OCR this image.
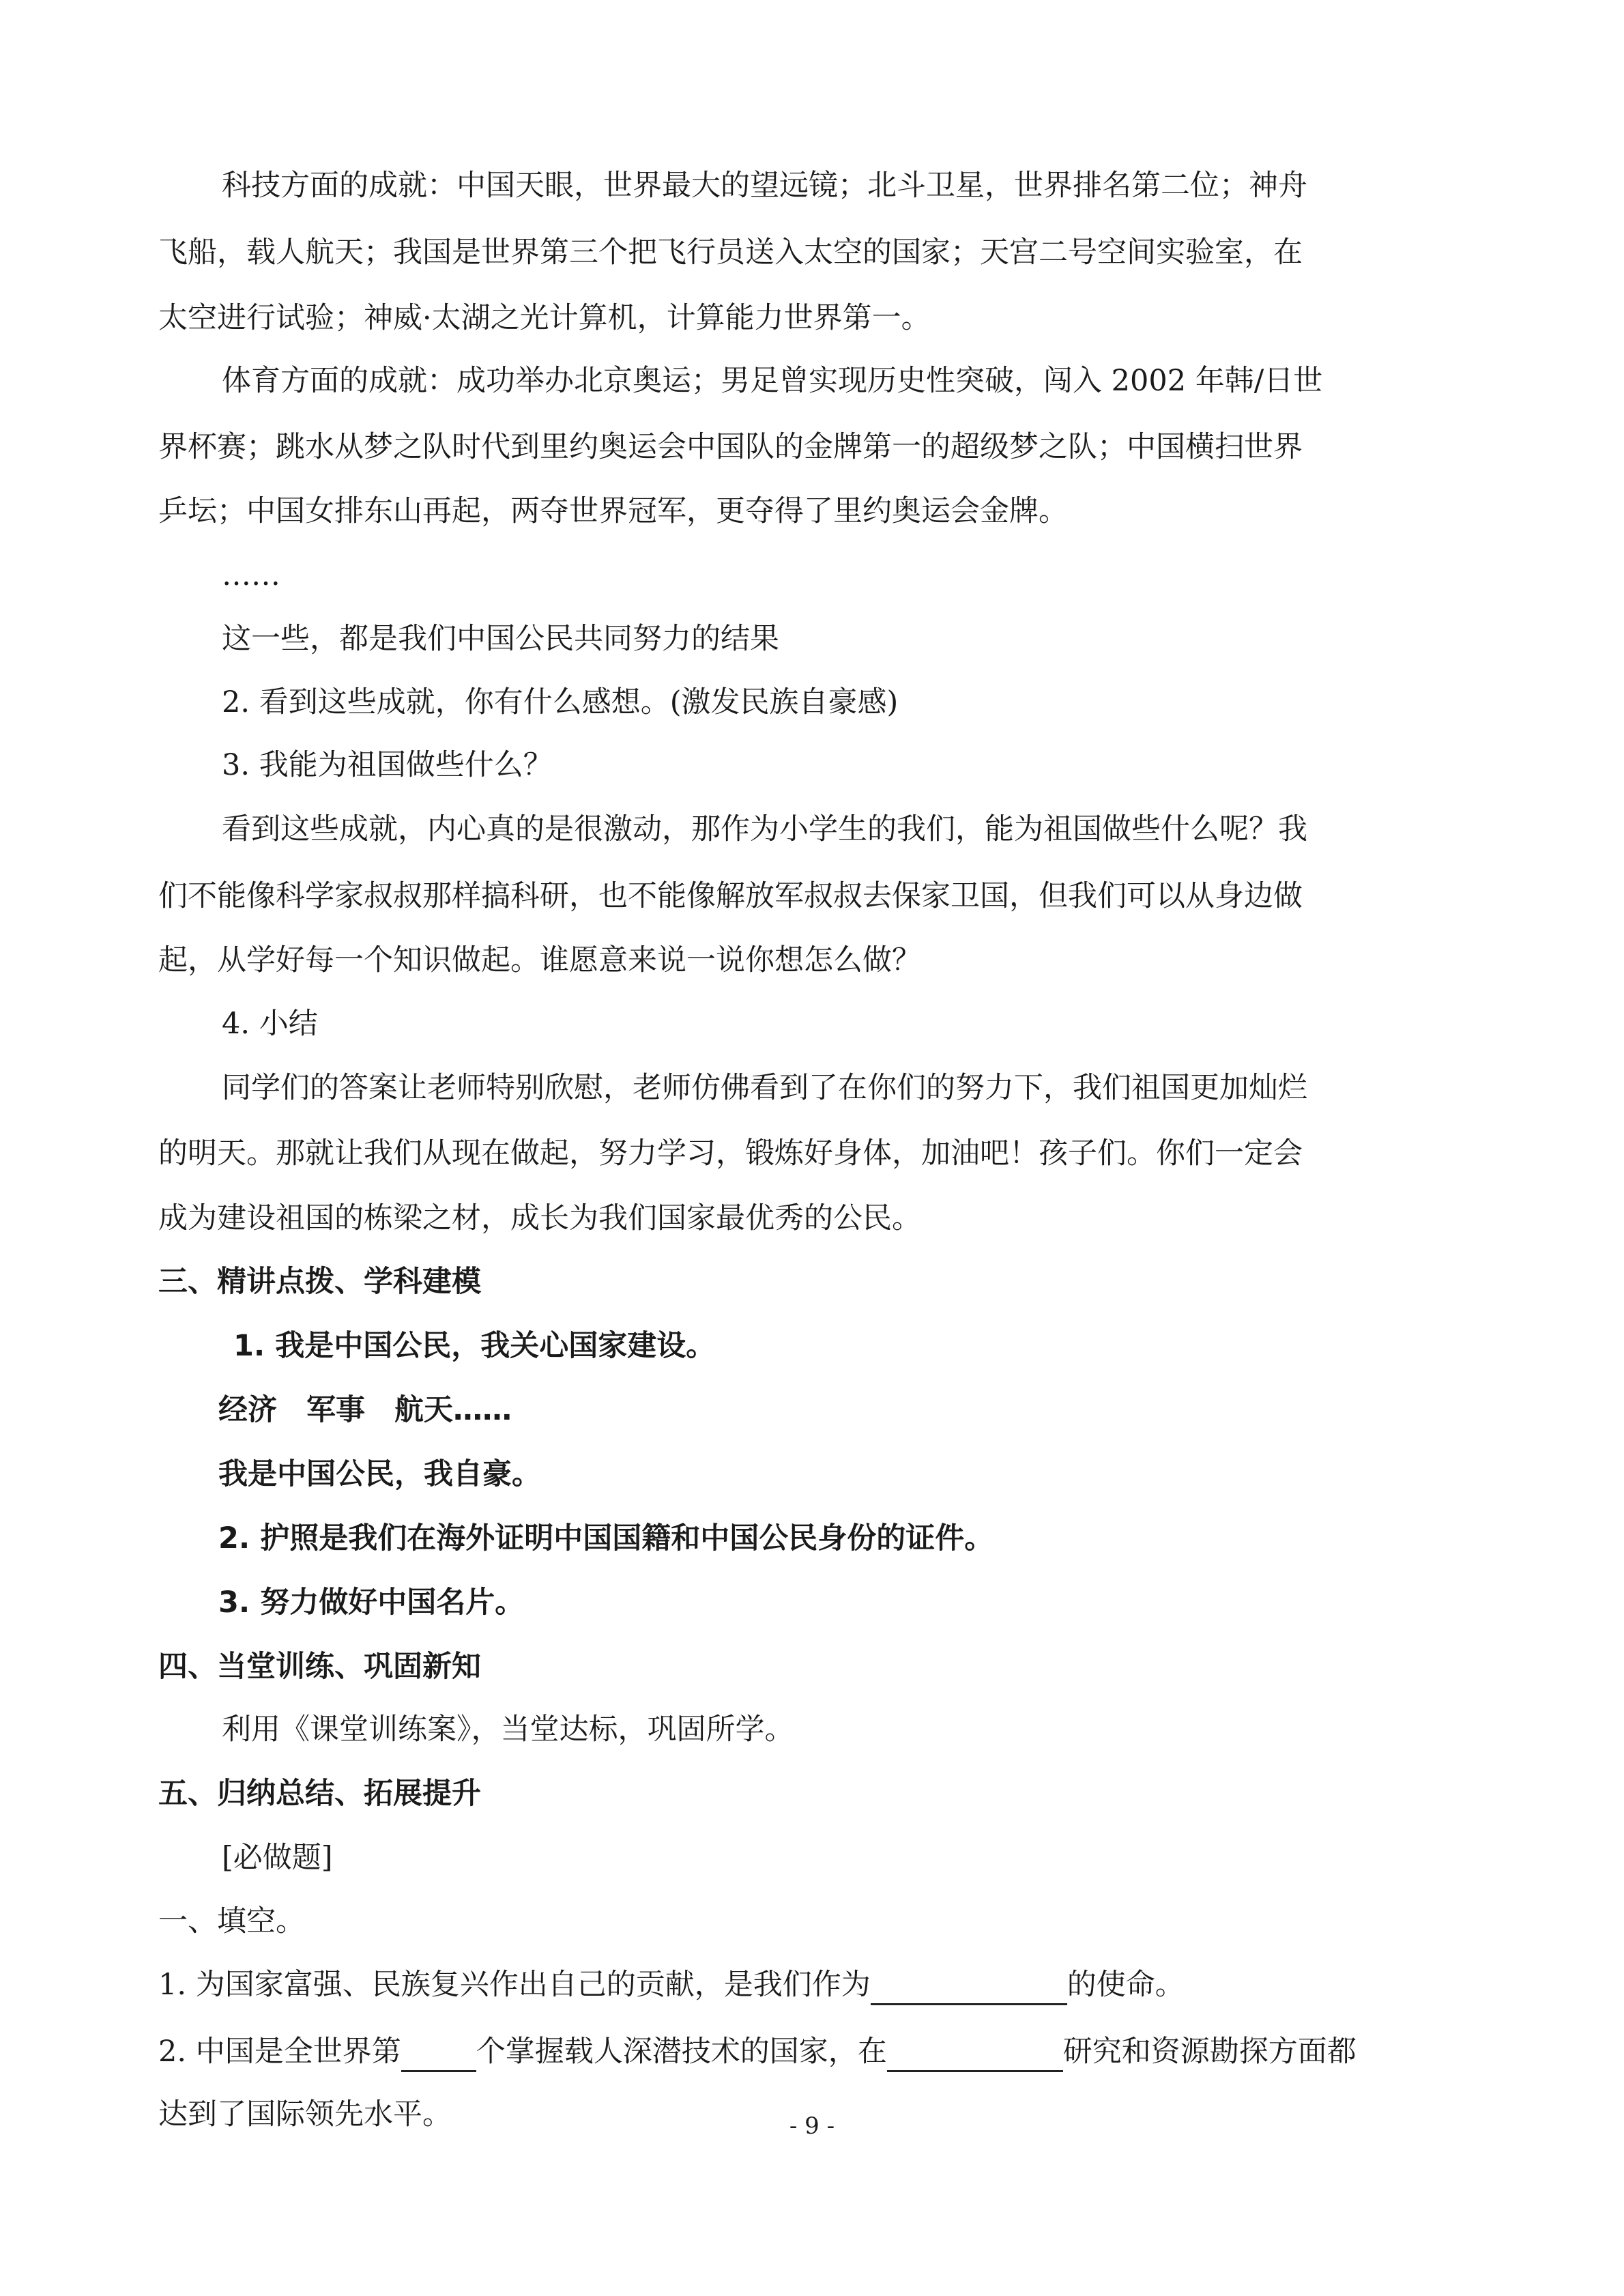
科技方面的成就：中国天眼，世界最大的望远镜；北斗卫星，世界排名第二位；神舟
飞船，载人航天；我国是世界第三个把飞行员送入太空的国家；天宫二号空间实验室，在
太空进行试验；神威·太湖之光计算机，计算能力世界第一。
体育方面的成就：成功举办北京奥运；男足曾实现历史性突破，闯入 2002 年韩/日世
界杯赛；跳水从梦之队时代到里约奥运会中国队的金牌第一的超级梦之队；中国横扫世界
乒坛；中国女排东山再起，两夺世界冠军，更夺得了里约奥运会金牌。
……
这一些，都是我们中国公民共同努力的结果
2. 看到这些成就，你有什么感想。(激发民族自豪感)
3. 我能为祖国做些什么？
看到这些成就，内心真的是很激动，那作为小学生的我们，能为祖国做些什么呢？我
们不能像科学家叔叔那样搞科研，也不能像解放军叔叔去保家卫国，但我们可以从身边做
起，从学好每一个知识做起。谁愿意来说一说你想怎么做？
4. 小结
同学们的答案让老师特别欣慰，老师仿佛看到了在你们的努力下，我们祖国更加灿烂
的明天。那就让我们从现在做起，努力学习，锻炼好身体，加油吧！孩子们。你们一定会
成为建设祖国的栋梁之材，成长为我们国家最优秀的公民。
三、精讲点拨、学科建模
1. 我是中国公民，我关心国家建设。
经济　军事　航天……
我是中国公民，我自豪。
2. 护照是我们在海外证明中国国籍和中国公民身份的证件。
3. 努力做好中国名片。
四、当堂训练、巩固新知
利用《课堂训练案》，当堂达标，巩固所学。
五、归纳总结、拓展提升
[必做题]
一、填空。
1. 为国家富强、民族复兴作出自己的贡献，是我们作为	的使命。
2. 中国是全世界第	个掌握载人深潜技术的国家，在	研究和资源勘探方面都
达到了国际领先水平。	- 9 -
